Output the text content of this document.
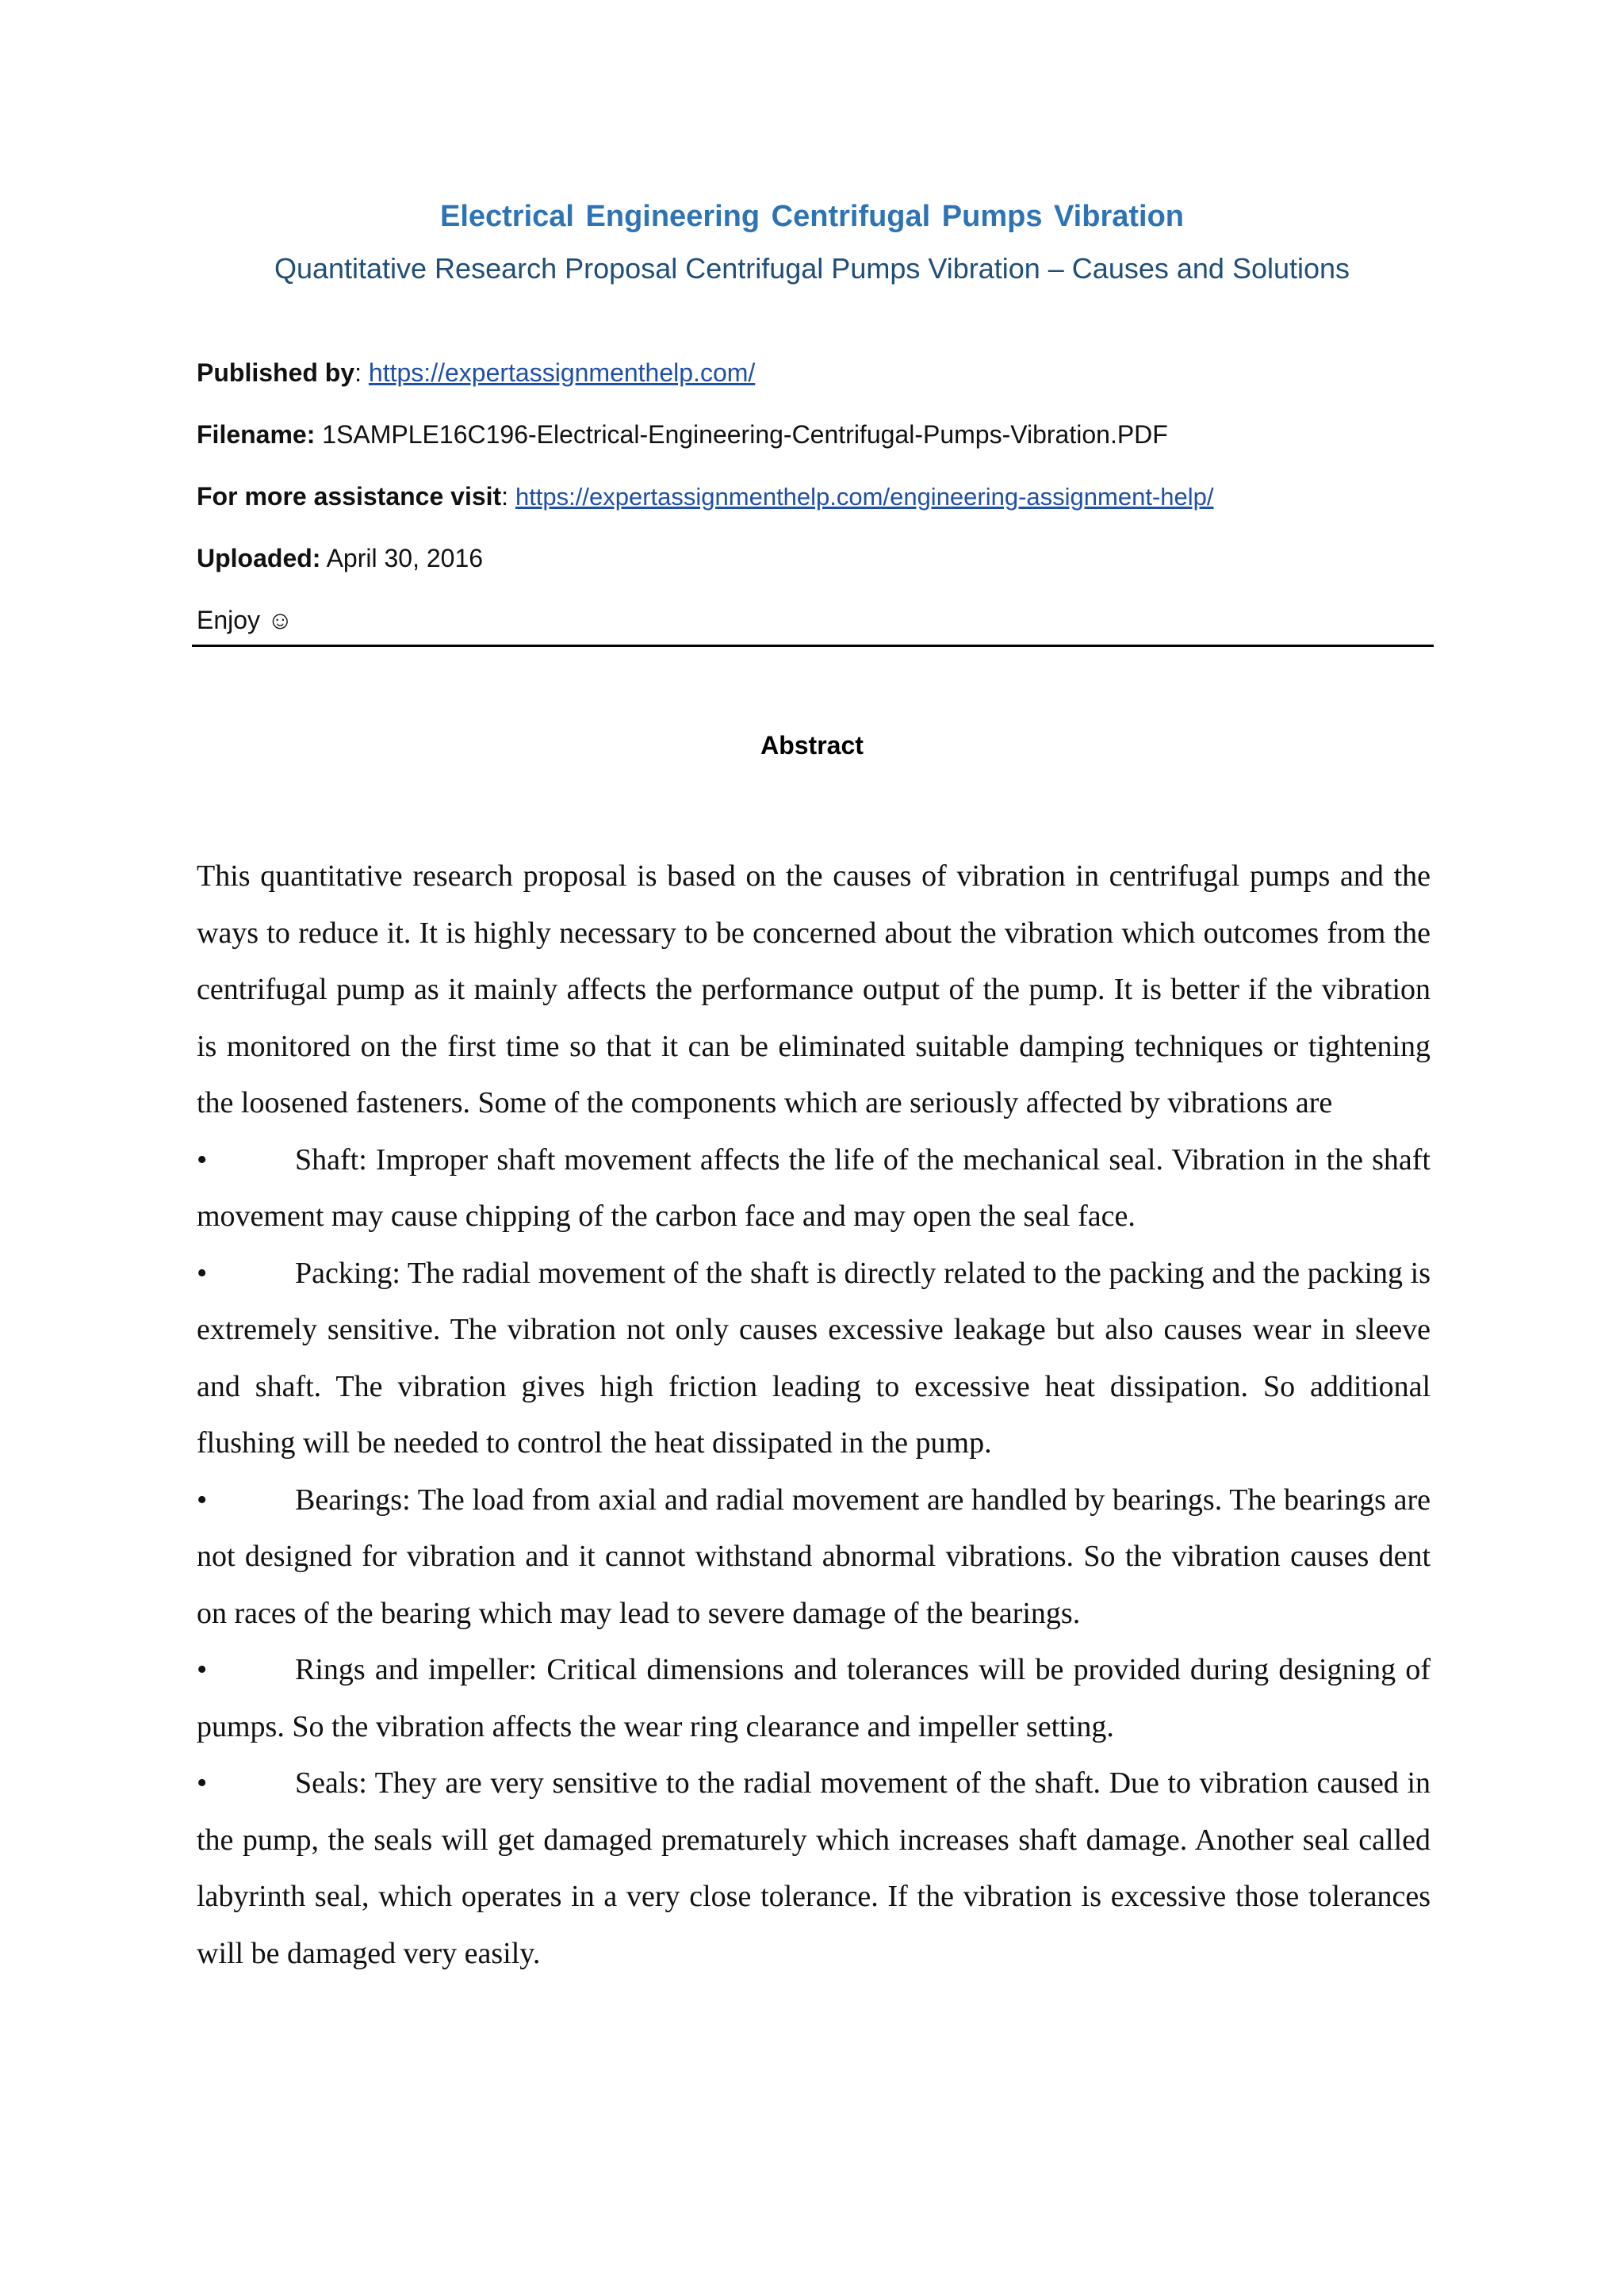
Electrical Engineering Centrifugal Pumps Vibration
Quantitative Research Proposal Centrifugal Pumps Vibration – Causes and Solutions
Published by: https://expertassignmenthelp.com/
Filename: 1SAMPLE16C196-Electrical-Engineering-Centrifugal-Pumps-Vibration.PDF
For more assistance visit: https://expertassignmenthelp.com/engineering-assignment-help/
Uploaded: April 30, 2016
Enjoy ☺
Abstract

This quantitative research proposal is based on the causes of vibration in centrifugal pumps and the ways to reduce it. It is highly necessary to be concerned about the vibration which outcomes from the centrifugal pump as it mainly affects the performance output of the pump. It is better if the vibration is monitored on the first time so that it can be eliminated suitable damping techniques or tightening the loosened fasteners. Some of the components which are seriously affected by vibrations are

•	Shaft: Improper shaft movement affects the life of the mechanical seal. Vibration in the shaft movement may cause chipping of the carbon face and may open the seal face.

•	Packing: The radial movement of the shaft is directly related to the packing and the packing is extremely sensitive. The vibration not only causes excessive leakage but also causes wear in sleeve and shaft. The vibration gives high friction leading to excessive heat dissipation. So additional flushing will be needed to control the heat dissipated in the pump.

•	Bearings: The load from axial and radial movement are handled by bearings. The bearings are not designed for vibration and it cannot withstand abnormal vibrations. So the vibration causes dent on races of the bearing which may lead to severe damage of the bearings.

•	Rings and impeller: Critical dimensions and tolerances will be provided during designing of pumps. So the vibration affects the wear ring clearance and impeller setting.

•	Seals: They are very sensitive to the radial movement of the shaft. Due to vibration caused in the pump, the seals will get damaged prematurely which increases shaft damage. Another seal called labyrinth seal, which operates in a very close tolerance. If the vibration is excessive those tolerances will be damaged very easily.
